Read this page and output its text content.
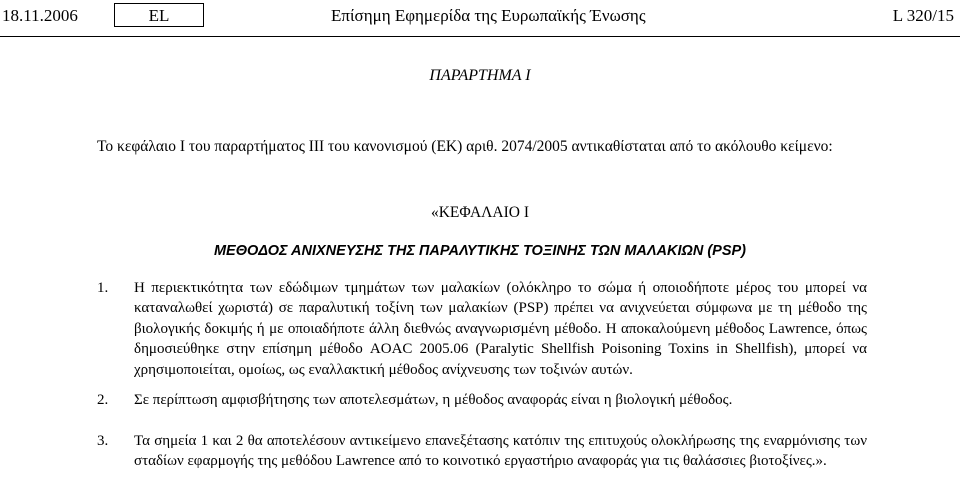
18.11.2006	EL	Επίσημη Εφημερίδα της Ευρωπαϊκής Ένωσης	L 320/15
ΠΑΡΑΡΤΗΜΑ I
Το κεφάλαιο I του παραρτήματος III του κανονισμού (ΕΚ) αριθ. 2074/2005 αντικαθίσταται από το ακόλουθο κείμενο:
«ΚΕΦΑΛΑΙΟ I
ΜΕΘΟΔΟΣ ΑΝΙΧΝΕΥΣΗΣ ΤΗΣ ΠΑΡΑΛΥΤΙΚΗΣ ΤΟΞΙΝΗΣ ΤΩΝ ΜΑΛΑΚΙΩΝ (PSP)
1. Η περιεκτικότητα των εδώδιμων τμημάτων των μαλακίων (ολόκληρο το σώμα ή οποιοδήποτε μέρος του μπορεί να καταναλωθεί χωριστά) σε παραλυτική τοξίνη των μαλακίων (PSP) πρέπει να ανιχνεύεται σύμφωνα με τη μέθοδο της βιολογικής δοκιμής ή με οποιαδήποτε άλλη διεθνώς αναγνωρισμένη μέθοδο. Η αποκαλούμενη μέθοδος Lawrence, όπως δημοσιεύθηκε στην επίσημη μέθοδο AOAC 2005.06 (Paralytic Shellfish Poisoning Toxins in Shellfish), μπορεί να χρησιμοποιείται, ομοίως, ως εναλλακτική μέθοδος ανίχνευσης των τοξινών αυτών.
2. Σε περίπτωση αμφισβήτησης των αποτελεσμάτων, η μέθοδος αναφοράς είναι η βιολογική μέθοδος.
3. Τα σημεία 1 και 2 θα αποτελέσουν αντικείμενο επανεξέτασης κατόπιν της επιτυχούς ολοκλήρωσης της εναρμόνισης των σταδίων εφαρμογής της μεθόδου Lawrence από το κοινοτικό εργαστήριο αναφοράς για τις θαλάσσιες βιοτοξίνες.».
